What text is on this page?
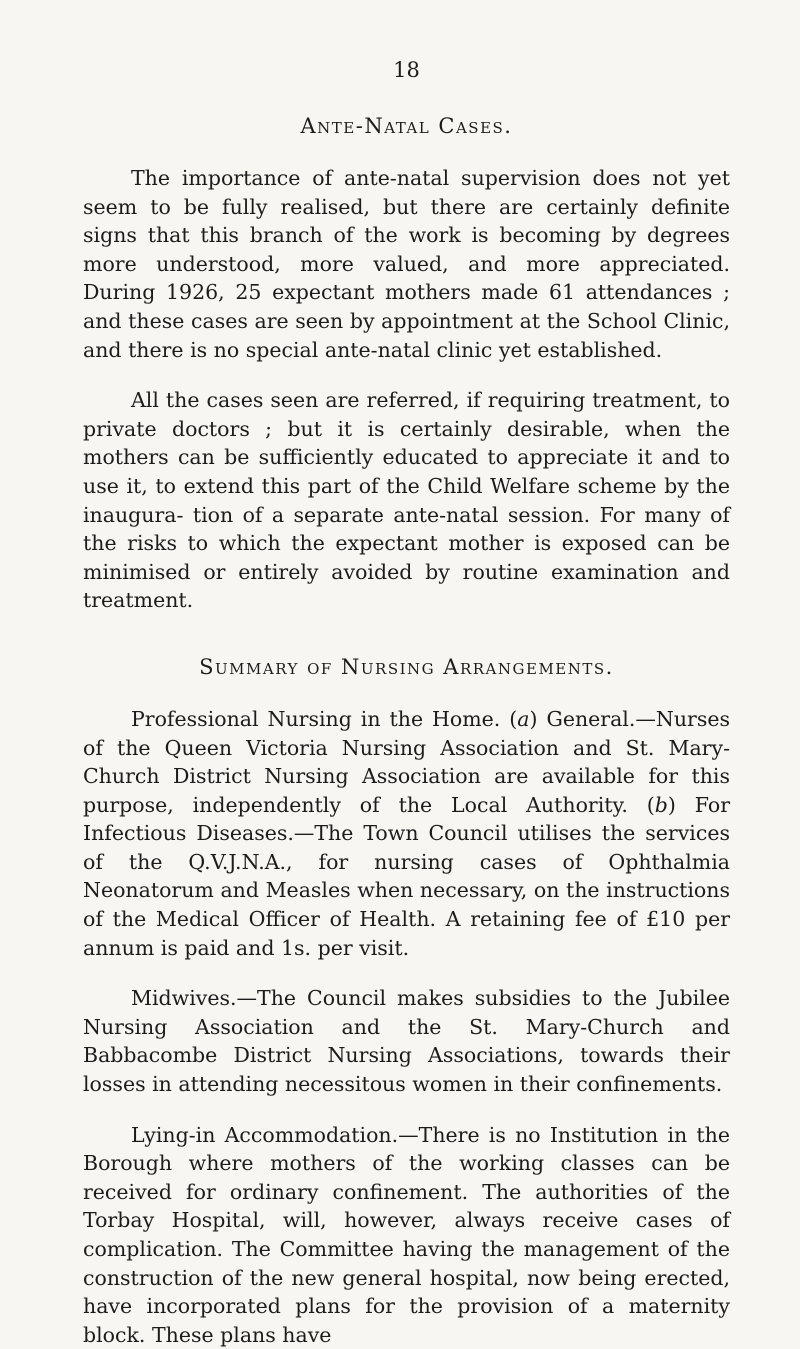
18
Ante-Natal Cases.

The importance of ante-natal supervision does not yet seem to be fully realised, but there are certainly definite signs that this branch of the work is becoming by degrees more understood, more valued, and more appreciated. During 1926, 25 expectant mothers made 61 attendances ; and these cases are seen by appointment at the School Clinic, and there is no special ante-natal clinic yet established.

All the cases seen are referred, if requiring treatment, to private doctors ; but it is certainly desirable, when the mothers can be sufficiently educated to appreciate it and to use it, to extend this part of the Child Welfare scheme by the inaugura- tion of a separate ante-natal session. For many of the risks to which the expectant mother is exposed can be minimised or entirely avoided by routine examination and treatment.

Summary of Nursing Arrangements.

Professional Nursing in the Home. (a) General.—Nurses of the Queen Victoria Nursing Association and St. Mary- Church District Nursing Association are available for this purpose, independently of the Local Authority. (b) For Infectious Diseases.—The Town Council utilises the services of the Q.V.J.N.A., for nursing cases of Ophthalmia Neonatorum and Measles when necessary, on the instructions of the Medical Officer of Health. A retaining fee of £10 per annum is paid and 1s. per visit.

Midwives.—The Council makes subsidies to the Jubilee Nursing Association and the St. Mary-Church and Babbacombe District Nursing Associations, towards their losses in attending necessitous women in their confinements.

Lying-in Accommodation.—There is no Institution in the Borough where mothers of the working classes can be received for ordinary confinement. The authorities of the Torbay Hospital, will, however, always receive cases of complication. The Committee having the management of the construction of the new general hospital, now being erected, have incorporated plans for the provision of a maternity block. These plans have
